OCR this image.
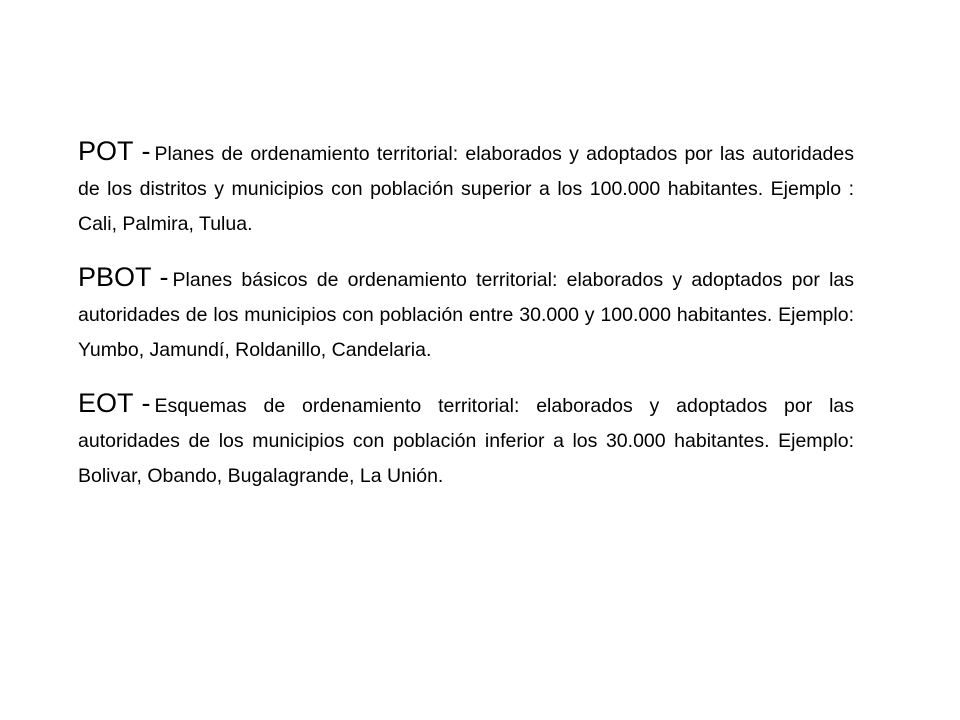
POT - Planes de ordenamiento territorial: elaborados y adoptados por las autoridades de los distritos y municipios con población superior a los 100.000 habitantes. Ejemplo : Cali, Palmira, Tulua.

PBOT - Planes básicos de ordenamiento territorial: elaborados y adoptados por las autoridades de los municipios con población entre 30.000 y 100.000 habitantes. Ejemplo: Yumbo, Jamundí, Roldanillo, Candelaria.

EOT - Esquemas de ordenamiento territorial: elaborados y adoptados por las autoridades de los municipios con población inferior a los 30.000 habitantes. Ejemplo: Bolivar, Obando, Bugalagrande, La Unión.
